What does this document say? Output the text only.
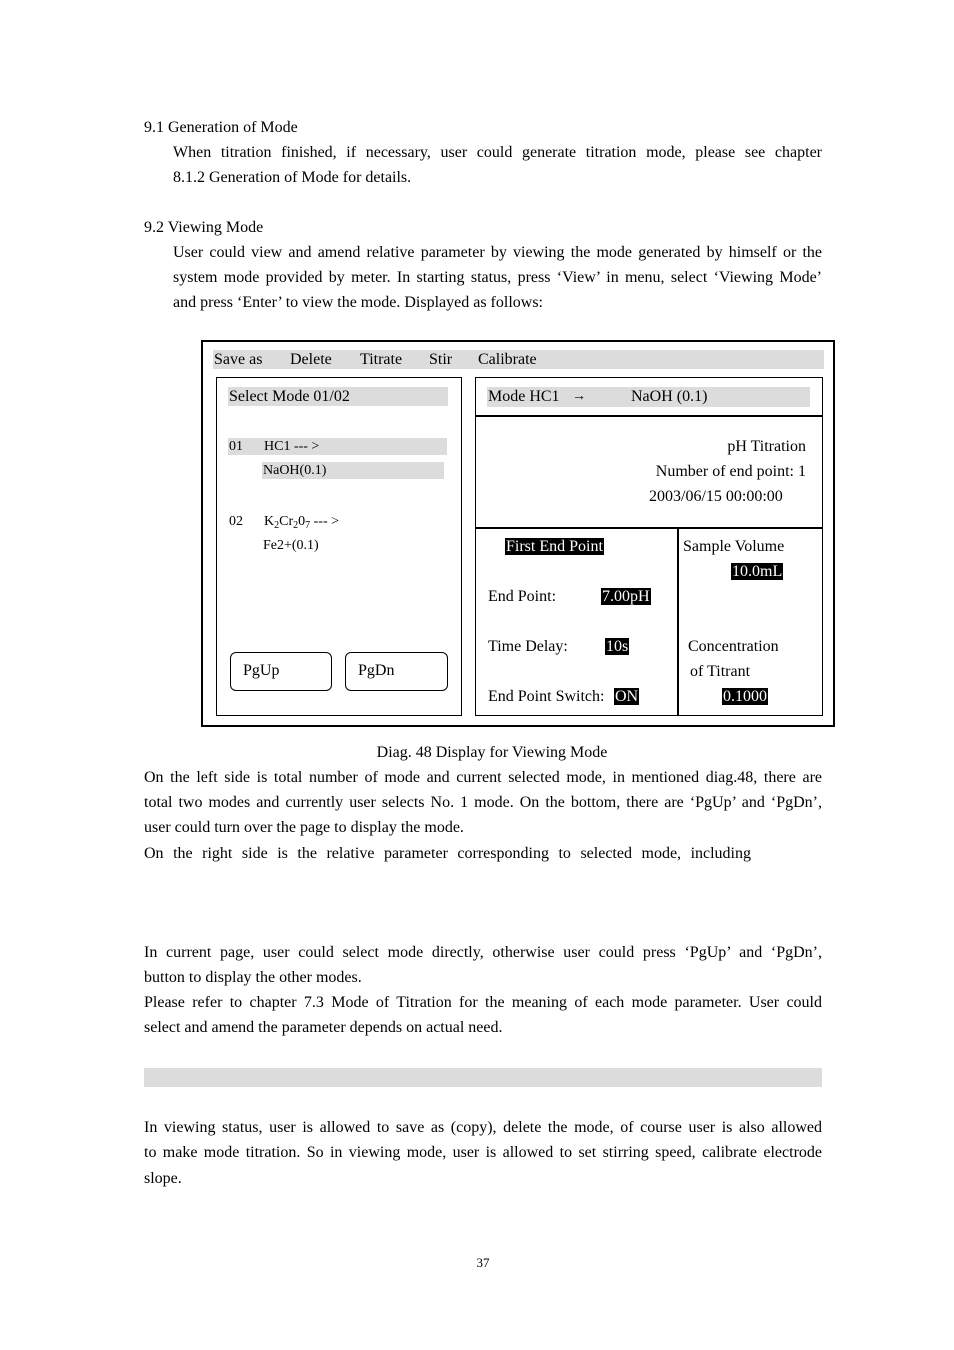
9.1 Generation of Mode
When titration finished, if necessary, user could generate titration mode, please see chapter
8.1.2 Generation of Mode for details.
9.2 Viewing Mode
User could view and amend relative parameter by viewing the mode generated by himself or the
system mode provided by meter. In starting status, press ‘View’ in menu, select ‘Viewing Mode’
and press ‘Enter’ to view the mode. Displayed as follows:
Save as Delete Titrate Stir Calibrate
Select Mode 01/02
01 HC1 --- >
NaOH(0.1)
02 $K_2Cr_20_7$ --- >
Fe2+(0.1)
PgUp	PgDn
Mode HC1 →	NaOH (0.1)
pH Titration
Number of end point: 1
2003/06/15 00:00:00
First End Point
End Point:	7.00pH
Time Delay: 10s
End Point Switch: ON
Sample Volume
10.0mL
Concentration
of Titrant
0.1000
Diag. 48 Display for Viewing Mode
On the left side is total number of mode and current selected mode, in mentioned diag.48, there are
total two modes and currently user selects No. 1 mode. On the bottom, there are ‘PgUp’ and ‘PgDn’,
user could turn over the page to display the mode.
On the right side is the relative parameter corresponding to selected mode, including
In current page, user could select mode directly, otherwise user could press ‘PgUp’ and ‘PgDn’,
button to display the other modes.
Please refer to chapter 7.3 Mode of Titration for the meaning of each mode parameter. User could
select and amend the parameter depends on actual need.
In viewing status, user is allowed to save as (copy), delete the mode, of course user is also allowed
to make mode titration. So in viewing mode, user is allowed to set stirring speed, calibrate electrode
slope.
37
